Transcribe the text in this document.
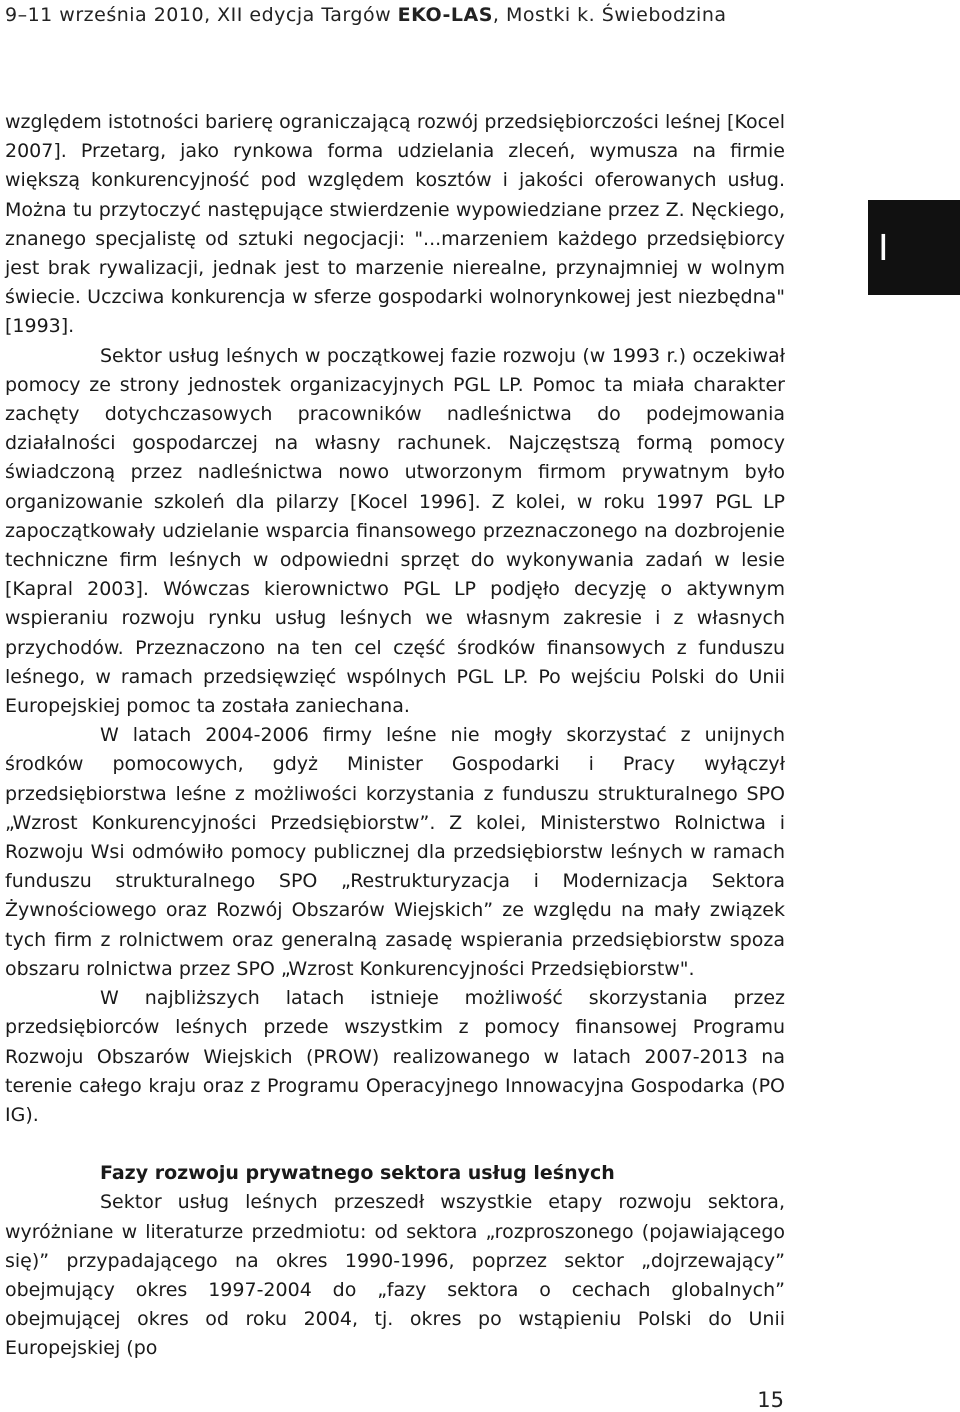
9–11 września 2010, XII edycja Targów EKO-LAS, Mostki k. Świebodzina
I

względem istotności barierę ograniczającą rozwój przedsiębiorczości leśnej [Kocel 2007]. Przetarg, jako rynkowa forma udzielania zleceń, wymusza na firmie większą konkurencyjność pod względem kosztów i jakości oferowanych usług. Można tu przytoczyć następujące stwierdzenie wypowiedziane przez Z. Nęckiego, znanego specjalistę od sztuki negocjacji: "...marzeniem każdego przedsiębiorcy jest brak rywalizacji, jednak jest to marzenie nierealne, przynajmniej w wolnym świecie. Uczciwa konkurencja w sferze gospodarki wolnorynkowej jest niezbędna" [1993].

Sektor usług leśnych w początkowej fazie rozwoju (w 1993 r.) oczekiwał pomocy ze strony jednostek organizacyjnych PGL LP. Pomoc ta miała charakter zachęty dotychczasowych pracowników nadleśnictwa do podejmowania działalności gospodarczej na własny rachunek. Najczęstszą formą pomocy świadczoną przez nadleśnictwa nowo utworzonym firmom prywatnym było organizowanie szkoleń dla pilarzy [Kocel 1996]. Z kolei, w roku 1997 PGL LP zapoczątkowały udzielanie wsparcia finansowego przeznaczonego na dozbrojenie techniczne firm leśnych w odpowiedni sprzęt do wykonywania zadań w lesie [Kapral 2003]. Wówczas kierownictwo PGL LP podjęło decyzję o aktywnym wspieraniu rozwoju rynku usług leśnych we własnym zakresie i z własnych przychodów. Przeznaczono na ten cel część środków finansowych z funduszu leśnego, w ramach przedsięwzięć wspólnych PGL LP. Po wejściu Polski do Unii Europejskiej pomoc ta została zaniechana.

W latach 2004-2006 firmy leśne nie mogły skorzystać z unijnych środków pomocowych, gdyż Minister Gospodarki i Pracy wyłączył przedsiębiorstwa leśne z możliwości korzystania z funduszu strukturalnego SPO „Wzrost Konkurencyjności Przedsiębiorstw”. Z kolei, Ministerstwo Rolnictwa i Rozwoju Wsi odmówiło pomocy publicznej dla przedsiębiorstw leśnych w ramach funduszu strukturalnego SPO „Restrukturyzacja i Modernizacja Sektora Żywnościowego oraz Rozwój Obszarów Wiejskich” ze względu na mały związek tych firm z rolnictwem oraz generalną zasadę wspierania przedsiębiorstw spoza obszaru rolnictwa przez SPO „Wzrost Konkurencyjności Przedsiębiorstw".

W najbliższych latach istnieje możliwość skorzystania przez przedsiębiorców leśnych przede wszystkim z pomocy finansowej Programu Rozwoju Obszarów Wiejskich (PROW) realizowanego w latach 2007-2013 na terenie całego kraju oraz z Programu Operacyjnego Innowacyjna Gospodarka (PO IG).

Fazy rozwoju prywatnego sektora usług leśnych

Sektor usług leśnych przeszedł wszystkie etapy rozwoju sektora, wyróżniane w literaturze przedmiotu: od sektora „rozproszonego (pojawiającego się)” przypadającego na okres 1990-1996, poprzez sektor „dojrzewający” obejmujący okres 1997-2004 do „fazy sektora o cechach globalnych” obejmującej okres od roku 2004, tj. okres po wstąpieniu Polski do Unii Europejskiej (po

15
